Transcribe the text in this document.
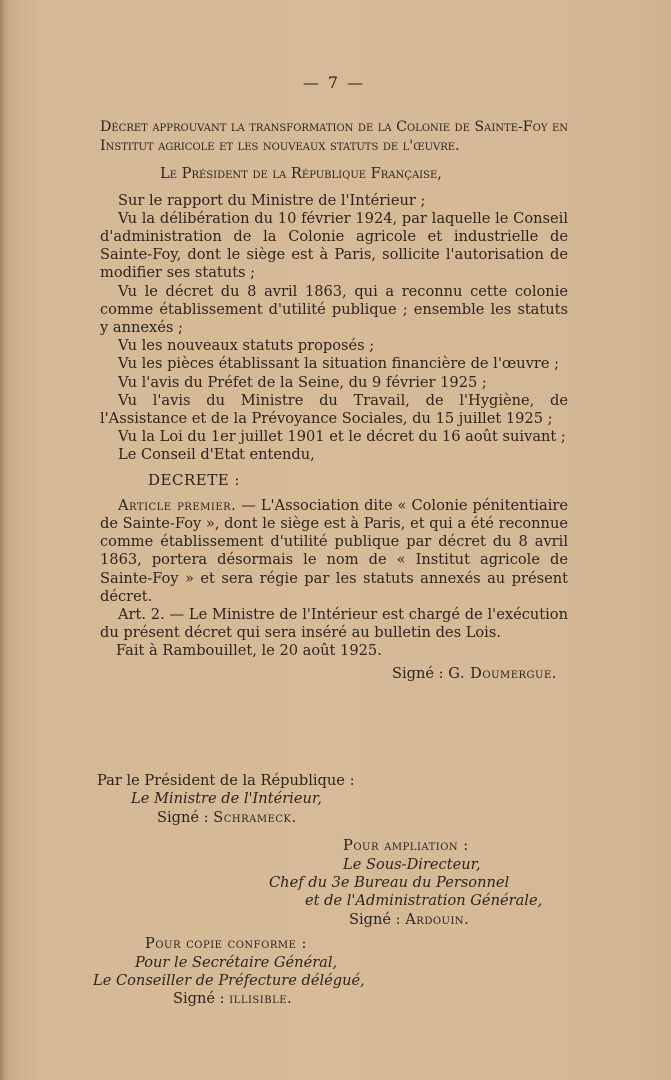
— 7 —

Décret approuvant la transformation de la Colonie de Sainte-Foy en Institut agricole et les nouveaux statuts de l'œuvre.

Le Président de la République Française,

Sur le rapport du Ministre de l'Intérieur ;

Vu la délibération du 10 février 1924, par laquelle le Conseil d'administration de la Colonie agricole et industrielle de Sainte-Foy, dont le siège est à Paris, sollicite l'autorisation de modifier ses statuts ;

Vu le décret du 8 avril 1863, qui a reconnu cette colonie comme établissement d'utilité publique ; ensemble les statuts y annexés ;

Vu les nouveaux statuts proposés ;

Vu les pièces établissant la situation financière de l'œuvre ;

Vu l'avis du Préfet de la Seine, du 9 février 1925 ;

Vu l'avis du Ministre du Travail, de l'Hygiène, de l'Assistance et de la Prévoyance Sociales, du 15 juillet 1925 ;

Vu la Loi du 1er juillet 1901 et le décret du 16 août suivant ;

Le Conseil d'Etat entendu,

DECRETE :

Article premier. — L'Association dite « Colonie pénitentiaire de Sainte-Foy », dont le siège est à Paris, et qui a été reconnue comme établissement d'utilité publique par décret du 8 avril 1863, portera désormais le nom de « Institut agricole de Sainte-Foy » et sera régie par les statuts annexés au présent décret.

Art. 2. — Le Ministre de l'Intérieur est chargé de l'exécution du présent décret qui sera inséré au bulletin des Lois.

Fait à Rambouillet, le 20 août 1925.

Signé : G. Doumergue.

Par le Président de la République :

Le Ministre de l'Intérieur,

Signé : Schrameck.

Pour ampliation :

Le Sous-Directeur,

Chef du 3e Bureau du Personnel

et de l'Administration Générale,

Signé : Ardouin.

Pour copie conforme :

Pour le Secrétaire Général,

Le Conseiller de Préfecture délégué,

Signé : illisible.
